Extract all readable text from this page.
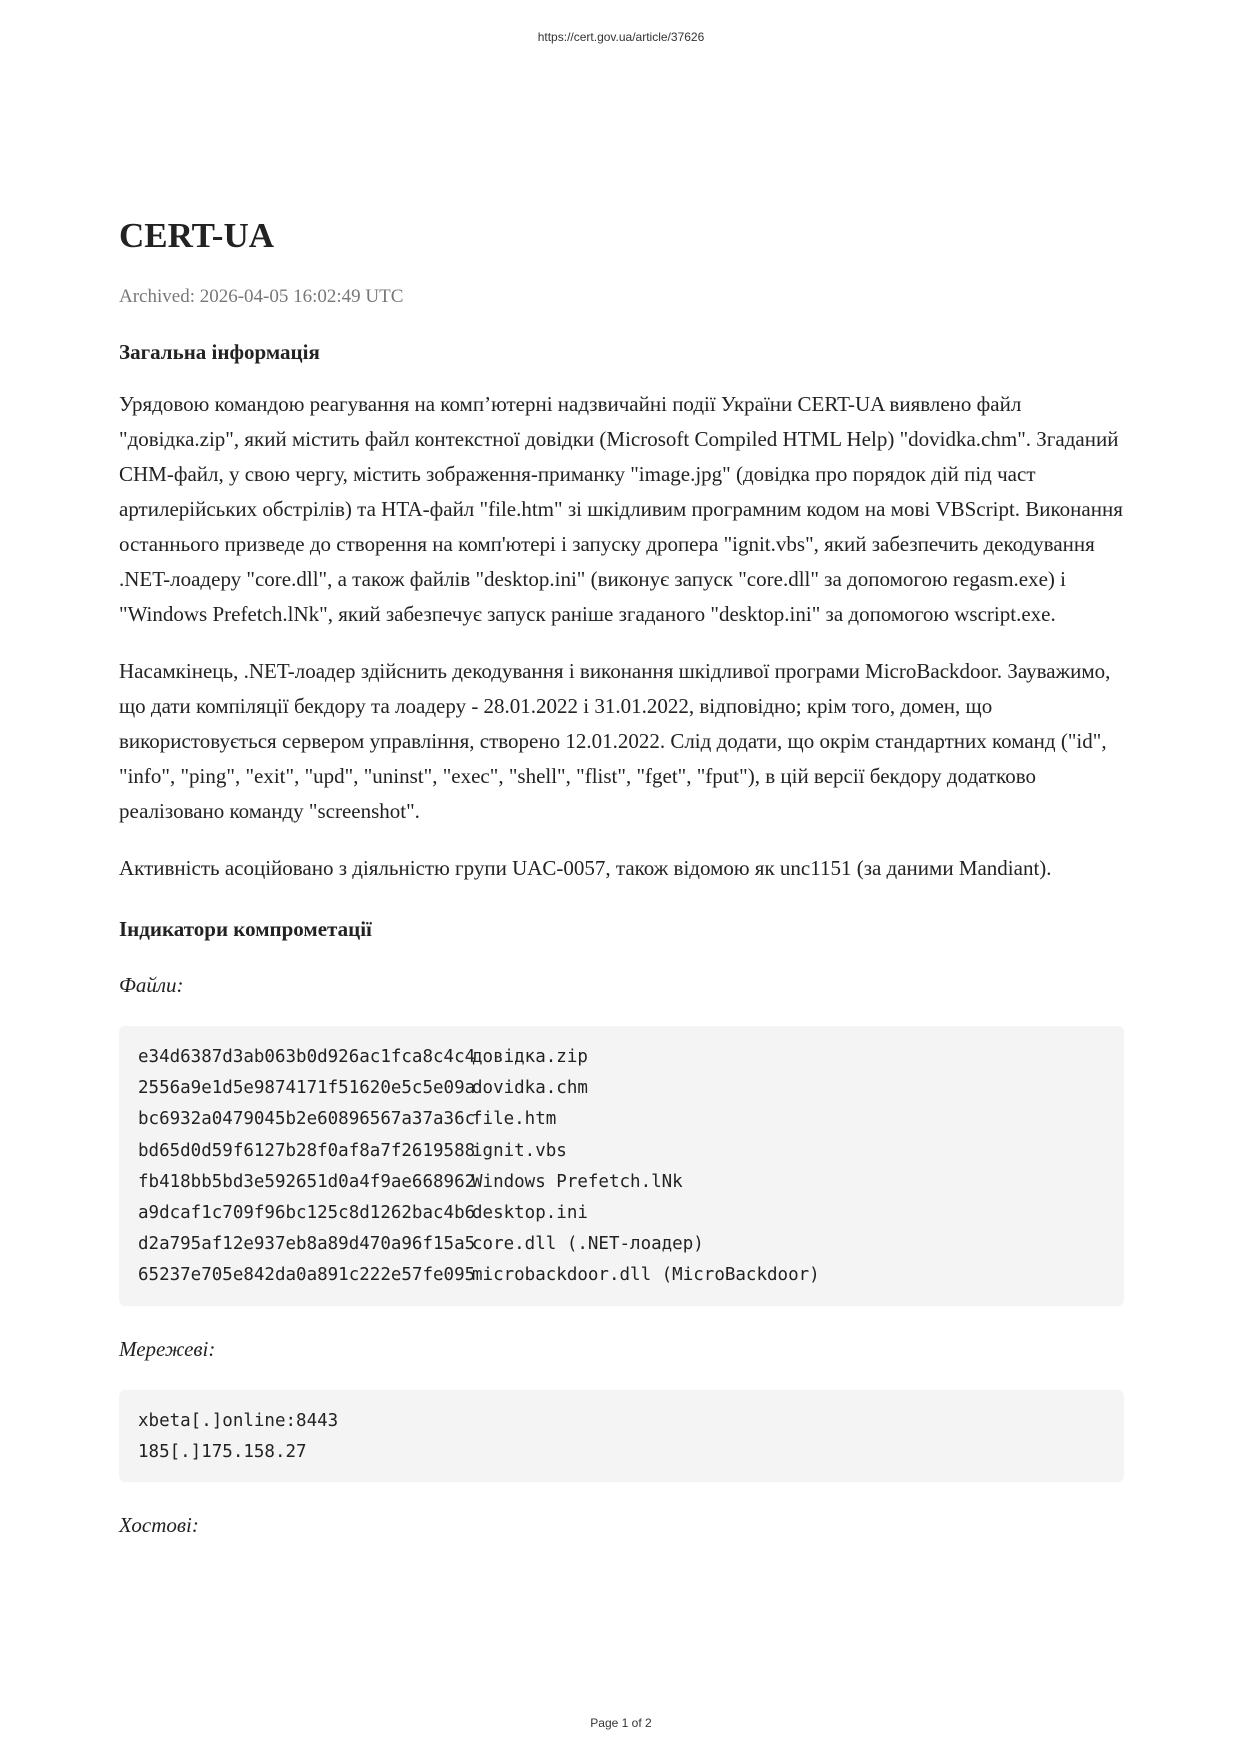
https://cert.gov.ua/article/37626
CERT-UA
Archived: 2026-04-05 16:02:49 UTC
Загальна інформація

Урядовою командою реагування на комп’ютерні надзвичайні події України CERT-UA виявлено файл "довідка.zip", який містить файл контекстної довідки (Microsoft Compiled HTML Help) "dovidka.chm". Згаданий CHM-файл, у свою чергу, містить зображення-приманку "image.jpg" (довідка про порядок дій під част артилерійських обстрілів) та HTA-файл "file.htm" зі шкідливим програмним кодом на мові VBScript. Виконання останнього призведе до створення на комп'ютері і запуску дропера "ignit.vbs", який забезпечить декодування .NET-лоадеру "core.dll", а також файлів "desktop.ini" (виконує запуск "core.dll" за допомогою regasm.exe) і "Windows Prefetch.lNk", який забезпечує запуск раніше згаданого "desktop.ini" за допомогою wscript.exe.

Насамкінець, .NET-лоадер здійснить декодування і виконання шкідливої програми MicroBackdoor. Зауважимо, що дати компіляції бекдору та лоадеру - 28.01.2022 і 31.01.2022, відповідно; крім того, домен, що використовується сервером управління, створено 12.01.2022. Слід додати, що окрім стандартних команд ("id", "info", "ping", "exit", "upd", "uninst", "exec", "shell", "flist", "fget", "fput"), в цій версії бекдору додатково реалізовано команду "screenshot".

Активність асоційовано з діяльністю групи UAC-0057, також відомою як unc1151 (за даними Mandiant).

Індикатори компрометації
Файли:
e34d6387d3ab063b0d926ac1fca8c4c4
довідка.zip
2556a9e1d5e9874171f51620e5c5e09a
dovidka.chm
bc6932a0479045b2e60896567a37a36c
file.htm
bd65d0d59f6127b28f0af8a7f2619588
ignit.vbs
fb418bb5bd3e592651d0a4f9ae668962
Windows Prefetch.lNk
a9dcaf1c709f96bc125c8d1262bac4b6
desktop.ini
d2a795af12e937eb8a89d470a96f15a5
core.dll (.NET-лоадер)
65237e705e842da0a891c222e57fe095
microbackdoor.dll (MicroBackdoor)
Мережеві:
xbeta[.]online:8443
185[.]175.158.27
Хостові:
Page 1 of 2
